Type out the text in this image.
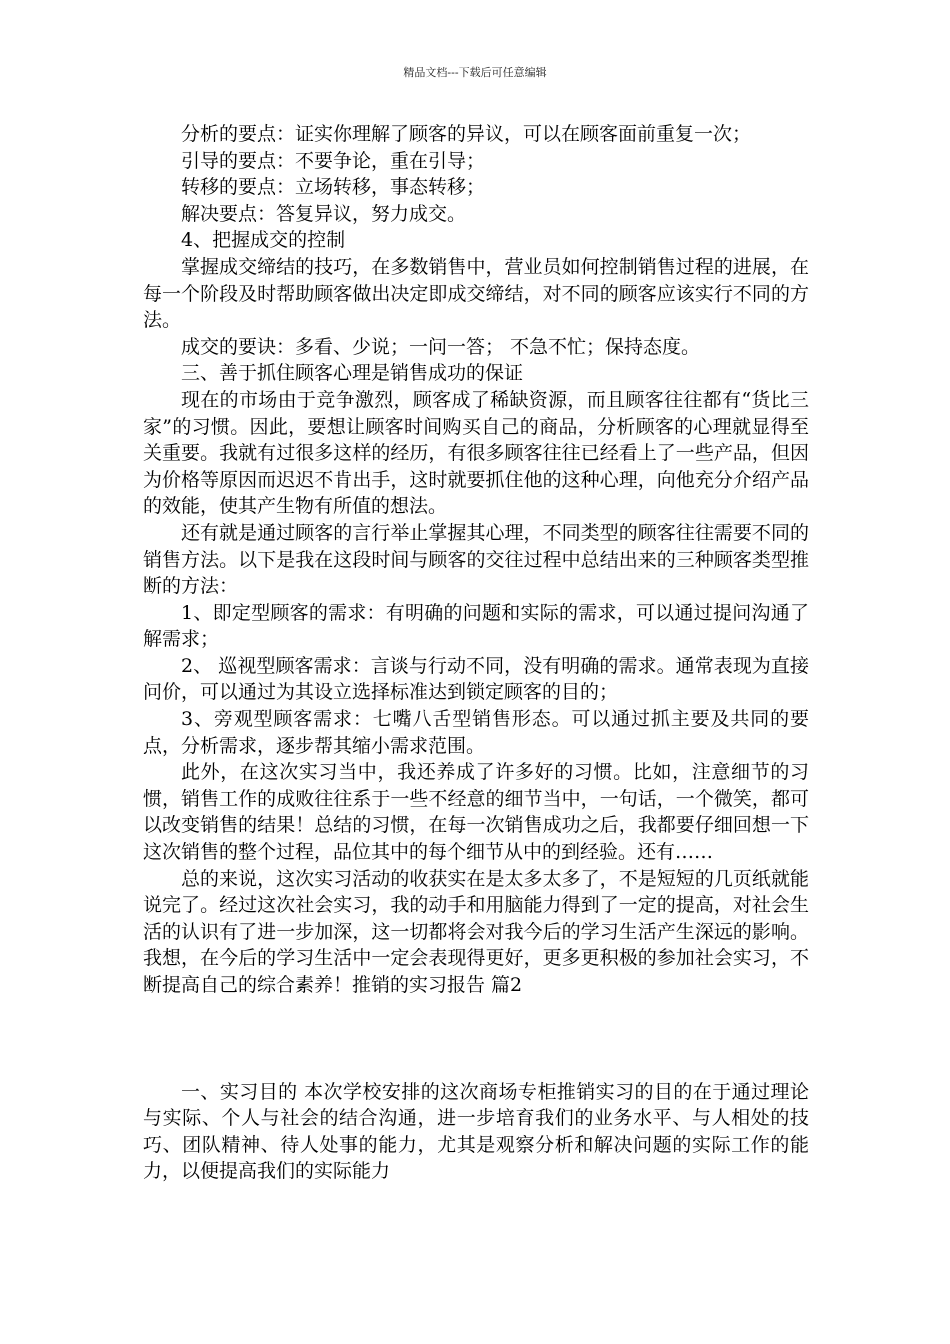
精品文档---下载后可任意编辑

分析的要点：证实你理解了顾客的异议，可以在顾客面前重复一次；

引导的要点：不要争论，重在引导；

转移的要点：立场转移，事态转移；

解决要点：答复异议，努力成交。

4、把握成交的控制

掌握成交缔结的技巧，在多数销售中，营业员如何控制销售过程的进展，在每一个阶段及时帮助顾客做出决定即成交缔结，对不同的顾客应该实行不同的方法。

成交的要诀：多看、少说；一问一答； 不急不忙；保持态度。

三、善于抓住顾客心理是销售成功的保证

现在的市场由于竞争激烈，顾客成了稀缺资源，而且顾客往往都有“货比三家”的习惯。因此，要想让顾客时间购买自己的商品，分析顾客的心理就显得至关重要。我就有过很多这样的经历，有很多顾客往往已经看上了一些产品，但因为价格等原因而迟迟不肯出手，这时就要抓住他的这种心理，向他充分介绍产品的效能，使其产生物有所值的想法。

还有就是通过顾客的言行举止掌握其心理，不同类型的顾客往往需要不同的销售方法。以下是我在这段时间与顾客的交往过程中总结出来的三种顾客类型推断的方法：

1、即定型顾客的需求：有明确的问题和实际的需求，可以通过提问沟通了解需求；

2、 巡视型顾客需求：言谈与行动不同，没有明确的需求。通常表现为直接问价，可以通过为其设立选择标准达到锁定顾客的目的；

3、旁观型顾客需求：七嘴八舌型销售形态。可以通过抓主要及共同的要点，分析需求，逐步帮其缩小需求范围。

此外，在这次实习当中，我还养成了许多好的习惯。比如，注意细节的习惯，销售工作的成败往往系于一些不经意的细节当中，一句话，一个微笑，都可以改变销售的结果！总结的习惯，在每一次销售成功之后，我都要仔细回想一下这次销售的整个过程，品位其中的每个细节从中的到经验。还有……

总的来说，这次实习活动的收获实在是太多太多了，不是短短的几页纸就能说完了。经过这次社会实习，我的动手和用脑能力得到了一定的提高，对社会生活的认识有了进一步加深，这一切都将会对我今后的学习生活产生深远的影响。我想，在今后的学习生活中一定会表现得更好，更多更积极的参加社会实习，不断提高自己的综合素养！推销的实习报告 篇2

一、实习目的 本次学校安排的这次商场专柜推销实习的目的在于通过理论与实际、个人与社会的结合沟通，进一步培育我们的业务水平、与人相处的技巧、团队精神、待人处事的能力，尤其是观察分析和解决问题的实际工作的能力，以便提高我们的实际能力
